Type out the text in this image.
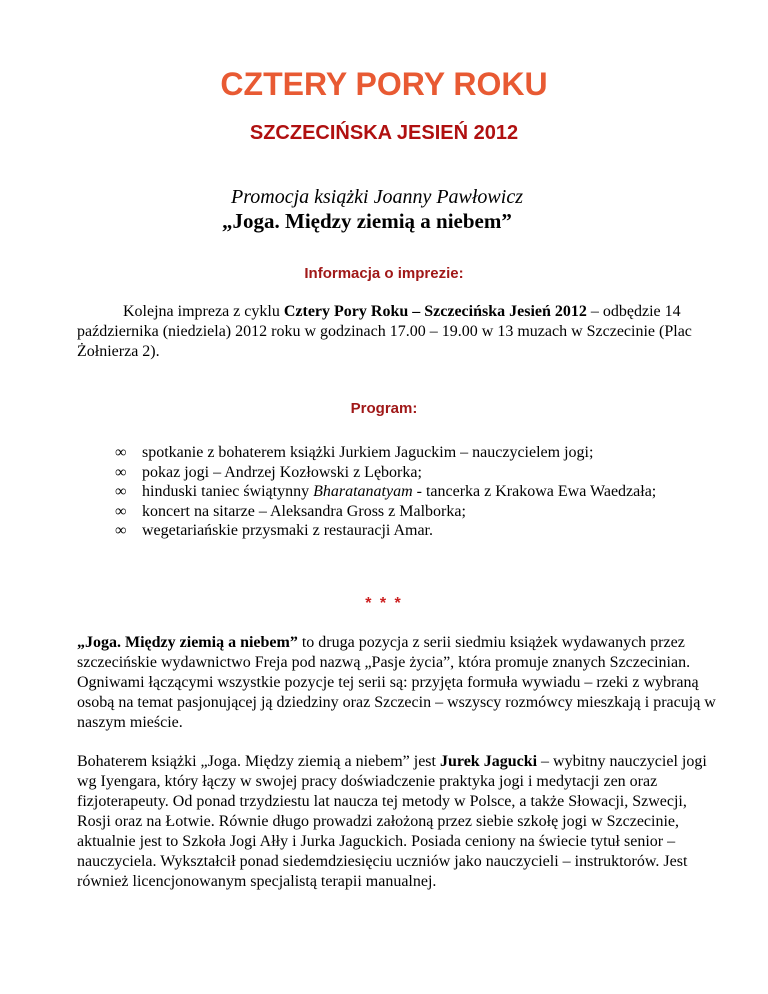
CZTERY PORY ROKU
SZCZECIŃSKA JESIEŃ 2012

Promocja książki Joanny Pawłowicz

„Joga. Między ziemią a niebem”

Informacja o imprezie:

Kolejna impreza z cyklu Cztery Pory Roku – Szczecińska Jesień 2012 – odbędzie 14 października (niedziela) 2012 roku w godzinach 17.00 – 19.00 w 13 muzach w Szczecinie (Plac Żołnierza 2).

Program:
∞ spotkanie z bohaterem książki Jurkiem Jaguckim – nauczycielem jogi;
∞ pokaz jogi – Andrzej Kozłowski z Lęborka;
∞ hinduski taniec świątynny Bharatanatyam - tancerka z Krakowa Ewa Waedzała;
∞ koncert na sitarze – Aleksandra Gross z Malborka;
∞ wegetariańskie przysmaki z restauracji Amar.

* * *

„Joga. Między ziemią a niebem” to druga pozycja z serii siedmiu książek wydawanych przez szczecińskie wydawnictwo Freja pod nazwą „Pasje życia”, która promuje znanych Szczecinian. Ogniwami łączącymi wszystkie pozycje tej serii są: przyjęta formuła wywiadu – rzeki z wybraną osobą na temat pasjonującej ją dziedziny oraz Szczecin – wszyscy rozmówcy mieszkają i pracują w naszym mieście.

Bohaterem książki „Joga. Między ziemią a niebem” jest Jurek Jagucki – wybitny nauczyciel jogi wg Iyengara, który łączy w swojej pracy doświadczenie praktyka jogi i medytacji zen oraz fizjoterapeuty. Od ponad trzydziestu lat naucza tej metody w Polsce, a także Słowacji, Szwecji, Rosji oraz na Łotwie. Równie długo prowadzi założoną przez siebie szkołę jogi w Szczecinie, aktualnie jest to Szkoła Jogi Ałły i Jurka Jaguckich. Posiada ceniony na świecie tytuł senior – nauczyciela. Wykształcił ponad siedemdziesięciu uczniów jako nauczycieli – instruktorów. Jest również licencjonowanym specjalistą terapii manualnej.
